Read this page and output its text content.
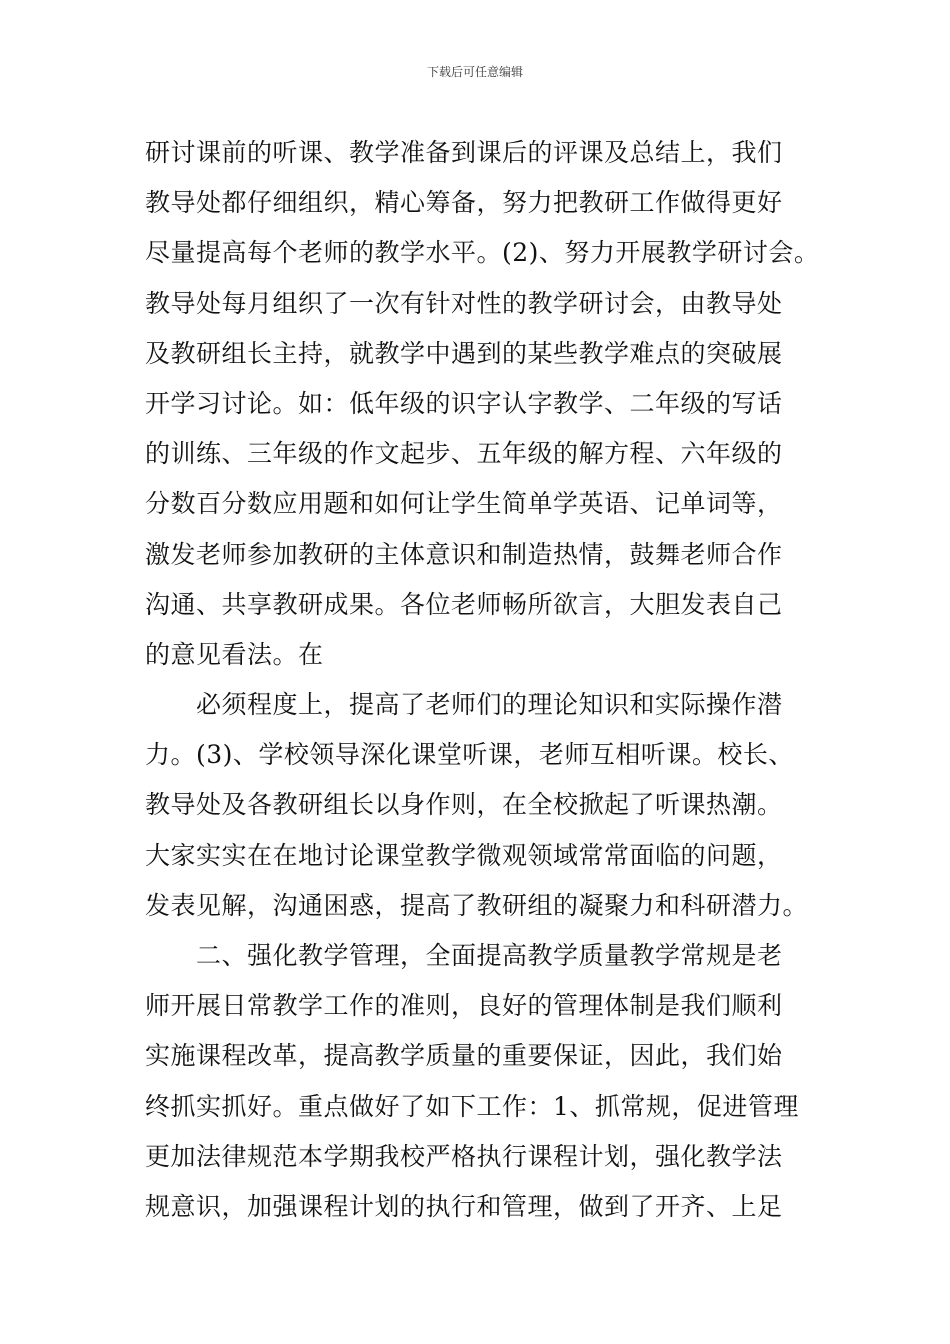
下载后可任意编辑
研讨课前的听课、教学准备到课后的评课及总结上，我们
教导处都仔细组织，精心筹备，努力把教研工作做得更好
尽量提高每个老师的教学水平。(2)、努力开展教学研讨会。
教导处每月组织了一次有针对性的教学研讨会，由教导处
及教研组长主持，就教学中遇到的某些教学难点的突破展
开学习讨论。如：低年级的识字认字教学、二年级的写话
的训练、三年级的作文起步、五年级的解方程、六年级的
分数百分数应用题和如何让学生简单学英语、记单词等，
激发老师参加教研的主体意识和制造热情，鼓舞老师合作
沟通、共享教研成果。各位老师畅所欲言，大胆发表自己
的意见看法。在
　　必须程度上，提高了老师们的理论知识和实际操作潜
力。(3)、学校领导深化课堂听课，老师互相听课。校长、
教导处及各教研组长以身作则，在全校掀起了听课热潮。
大家实实在在地讨论课堂教学微观领域常常面临的问题，
发表见解，沟通困惑，提高了教研组的凝聚力和科研潜力。
　　二、强化教学管理，全面提高教学质量教学常规是老
师开展日常教学工作的准则，良好的管理体制是我们顺利
实施课程改革，提高教学质量的重要保证，因此，我们始
终抓实抓好。重点做好了如下工作：1、抓常规，促进管理
更加法律规范本学期我校严格执行课程计划，强化教学法
规意识，加强课程计划的执行和管理，做到了开齐、上足
